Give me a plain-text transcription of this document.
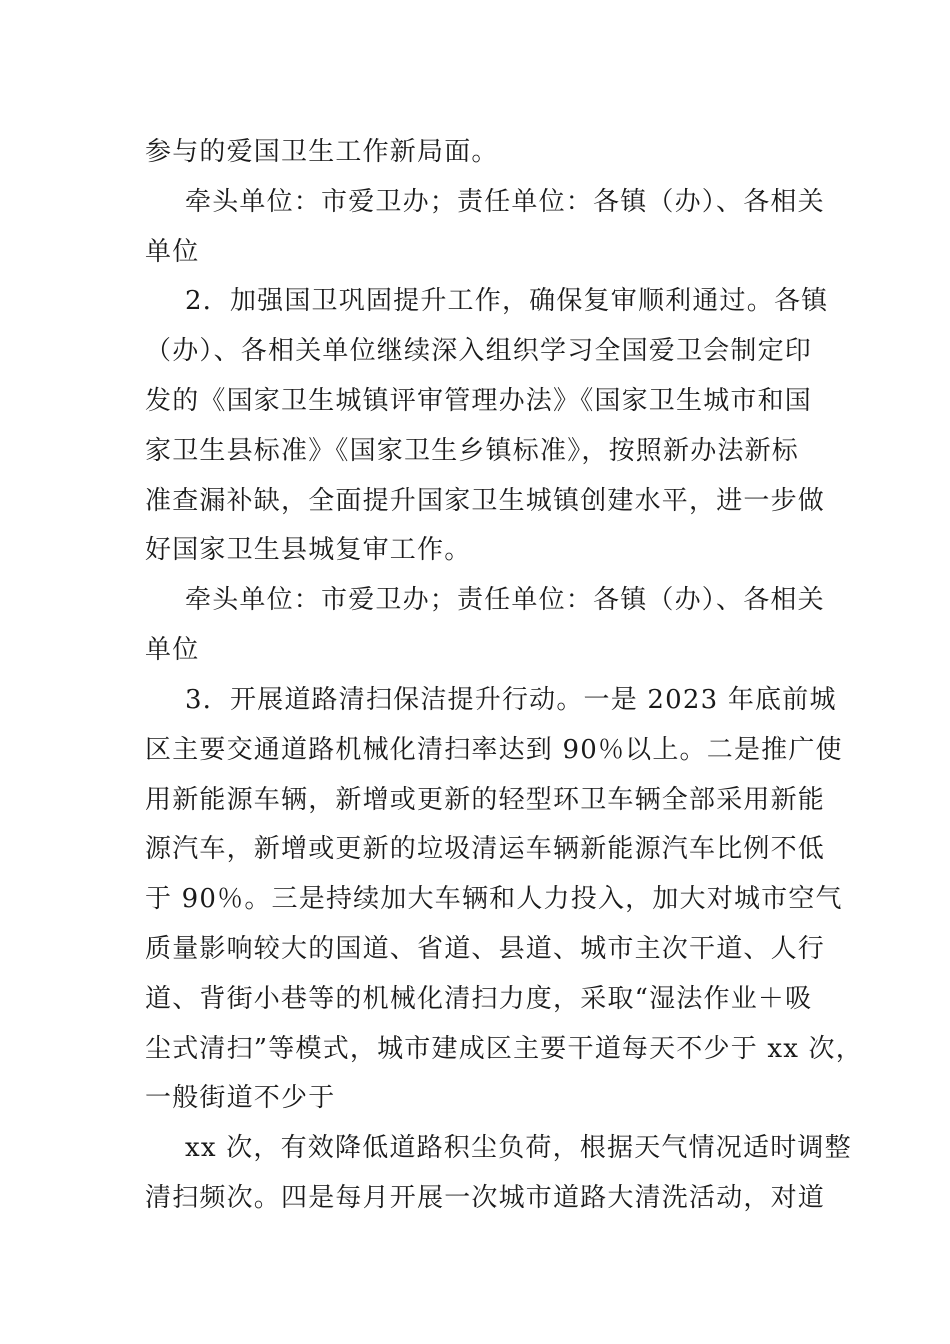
参与的爱国卫生工作新局面。
牵头单位：市爱卫办；责任单位：各镇（办）、各相关
单位
2．加强国卫巩固提升工作，确保复审顺利通过。各镇
（办）、各相关单位继续深入组织学习全国爱卫会制定印
发的《国家卫生城镇评审管理办法》《国家卫生城市和国
家卫生县标准》《国家卫生乡镇标准》，按照新办法新标
准查漏补缺，全面提升国家卫生城镇创建水平，进一步做
好国家卫生县城复审工作。
牵头单位：市爱卫办；责任单位：各镇（办）、各相关
单位
3．开展道路清扫保洁提升行动。一是 2023 年底前城
区主要交通道路机械化清扫率达到 90％以上。二是推广使
用新能源车辆，新增或更新的轻型环卫车辆全部采用新能
源汽车，新增或更新的垃圾清运车辆新能源汽车比例不低
于 90％。三是持续加大车辆和人力投入，加大对城市空气
质量影响较大的国道、省道、县道、城市主次干道、人行
道、背街小巷等的机械化清扫力度，采取“湿法作业＋吸
尘式清扫”等模式，城市建成区主要干道每天不少于 xx 次，
一般街道不少于
xx 次，有效降低道路积尘负荷，根据天气情况适时调整
清扫频次。四是每月开展一次城市道路大清洗活动，对道
